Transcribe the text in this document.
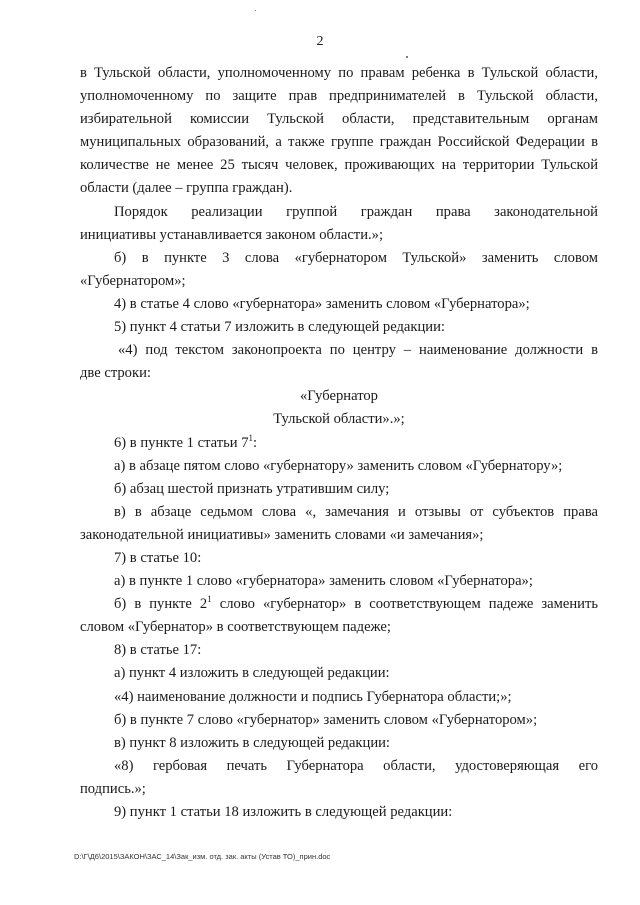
2

в Тульской области, уполномоченному по правам ребенка в Тульской области,

уполномоченному по защите прав предпринимателей в Тульской области,

избирательной комиссии Тульской области, представительным органам

муниципальных образований, а также группе граждан Российской Федерации в

количестве не менее 25 тысяч человек, проживающих на территории Тульской

области (далее – группа граждан).

Порядок реализации группой граждан права законодательной

инициативы устанавливается законом области.»;

б) в пункте 3 слова «губернатором Тульской» заменить словом

«Губернатором»;

4) в статье 4 слово «губернатора» заменить словом «Губернатора»;

5) пункт 4 статьи 7 изложить в следующей редакции:

«4) под текстом законопроекта по центру – наименование должности в

две строки:

«Губернатор

Тульской области».»;

6) в пункте 1 статьи $7^1$:

а) в абзаце пятом слово «губернатору» заменить словом «Губернатору»;

б) абзац шестой признать утратившим силу;

в) в абзаце седьмом слова «, замечания и отзывы от субъектов права

законодательной инициативы» заменить словами «и замечания»;

7) в статье 10:

а) в пункте 1 слово «губернатора» заменить словом «Губернатора»;

б) в пункте $2^1$ слово «губернатор» в соответствующем падеже заменить

словом «Губернатор» в соответствующем падеже;

8) в статье 17:

а) пункт 4 изложить в следующей редакции:

«4) наименование должности и подпись Губернатора области;»;

б) в пункте 7 слово «губернатор» заменить словом «Губернатором»;

в) пункт 8 изложить в следующей редакции:

«8) гербовая печать Губернатора области, удостоверяющая его

подпись.»;

9) пункт 1 статьи 18 изложить в следующей редакции:

D:\Г\Д6\2015\ЗАКОН\ЗАС_14\Зак_изм. отд. зак. акты (Устав ТО)_прин.doc
